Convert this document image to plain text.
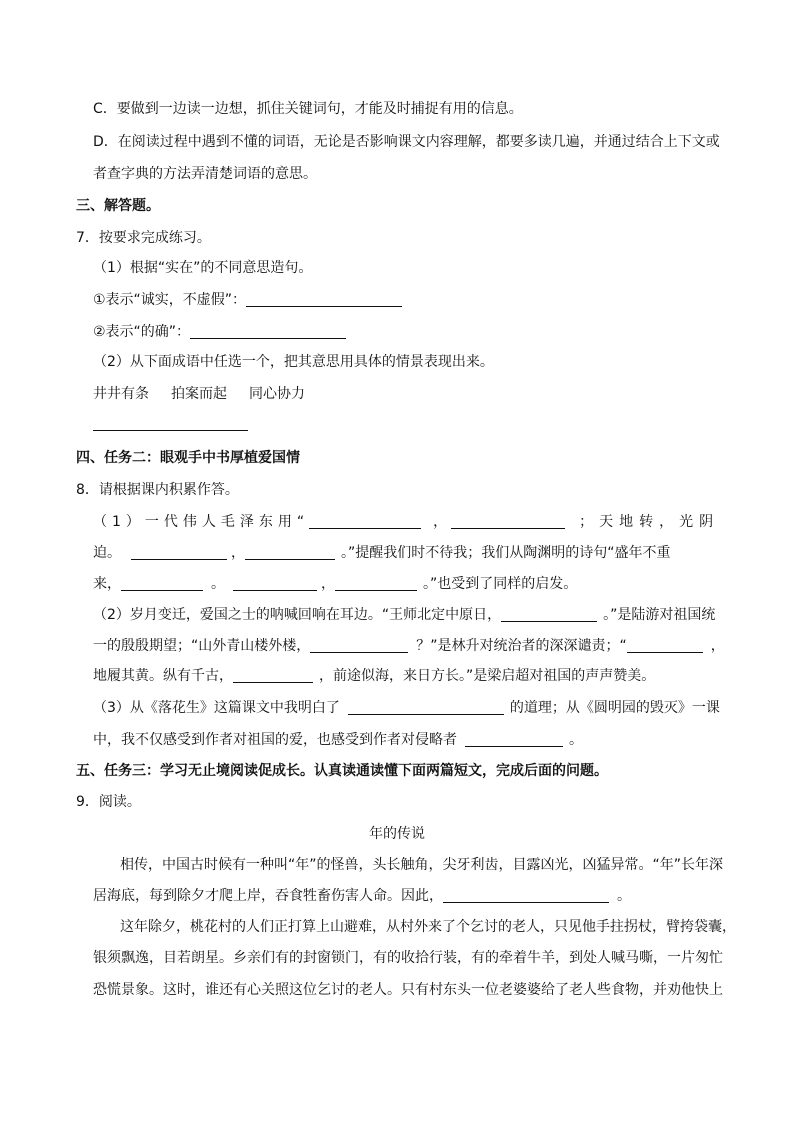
C．要做到一边读一边想，抓住关键词句，才能及时捕捉有用的信息。
D．在阅读过程中遇到不懂的词语，无论是否影响课文内容理解，都要多读几遍，并通过结合上下文或
者查字典的方法弄清楚词语的意思。
三、解答题。
7．按要求完成练习。
（1）根据“实在”的不同意思造句。
①表示“诚实，不虚假”：
②表示“的确”：
（2）从下面成语中任选一个，把其意思用具体的情景表现出来。
井井有条 拍案而起 同心协力
四、任务二：眼观手中书厚植爱国情
8．请根据课内积累作答。
（1）一代伟人毛泽东用“	，	；天地转，光阴
迫。	，	。”提醒我们时不待我；我们从陶渊明的诗句“盛年不重
来，	。	，	。”也受到了同样的启发。
（2）岁月变迁，爱国之士的呐喊回响在耳边。“王师北定中原日，	。”是陆游对祖国统
一的殷殷期望；“山外青山楼外楼，	？”是林升对统治者的深深谴责；“	，
地履其黄。纵有千古，	，前途似海，来日方长。”是梁启超对祖国的声声赞美。
（3）从《落花生》这篇课文中我明白了	的道理；从《圆明园的毁灭》一课
中，我不仅感受到作者对祖国的爱，也感受到作者对侵略者	。
五、任务三：学习无止境阅读促成长。认真读通读懂下面两篇短文，完成后面的问题。
9．阅读。
年的传说
相传，中国古时候有一种叫“年”的怪兽，头长触角，尖牙利齿，目露凶光，凶猛异常。“年”长年深
居海底，每到除夕才爬上岸，吞食牲畜伤害人命。因此，	。
这年除夕，桃花村的人们正打算上山避难，从村外来了个乞讨的老人，只见他手拄拐杖，臂挎袋囊，
银须飘逸，目若朗星。乡亲们有的封窗锁门，有的收拾行装，有的牵着牛羊，到处人喊马嘶，一片匆忙
恐慌景象。这时，谁还有心关照这位乞讨的老人。只有村东头一位老婆婆给了老人些食物，并劝他快上
